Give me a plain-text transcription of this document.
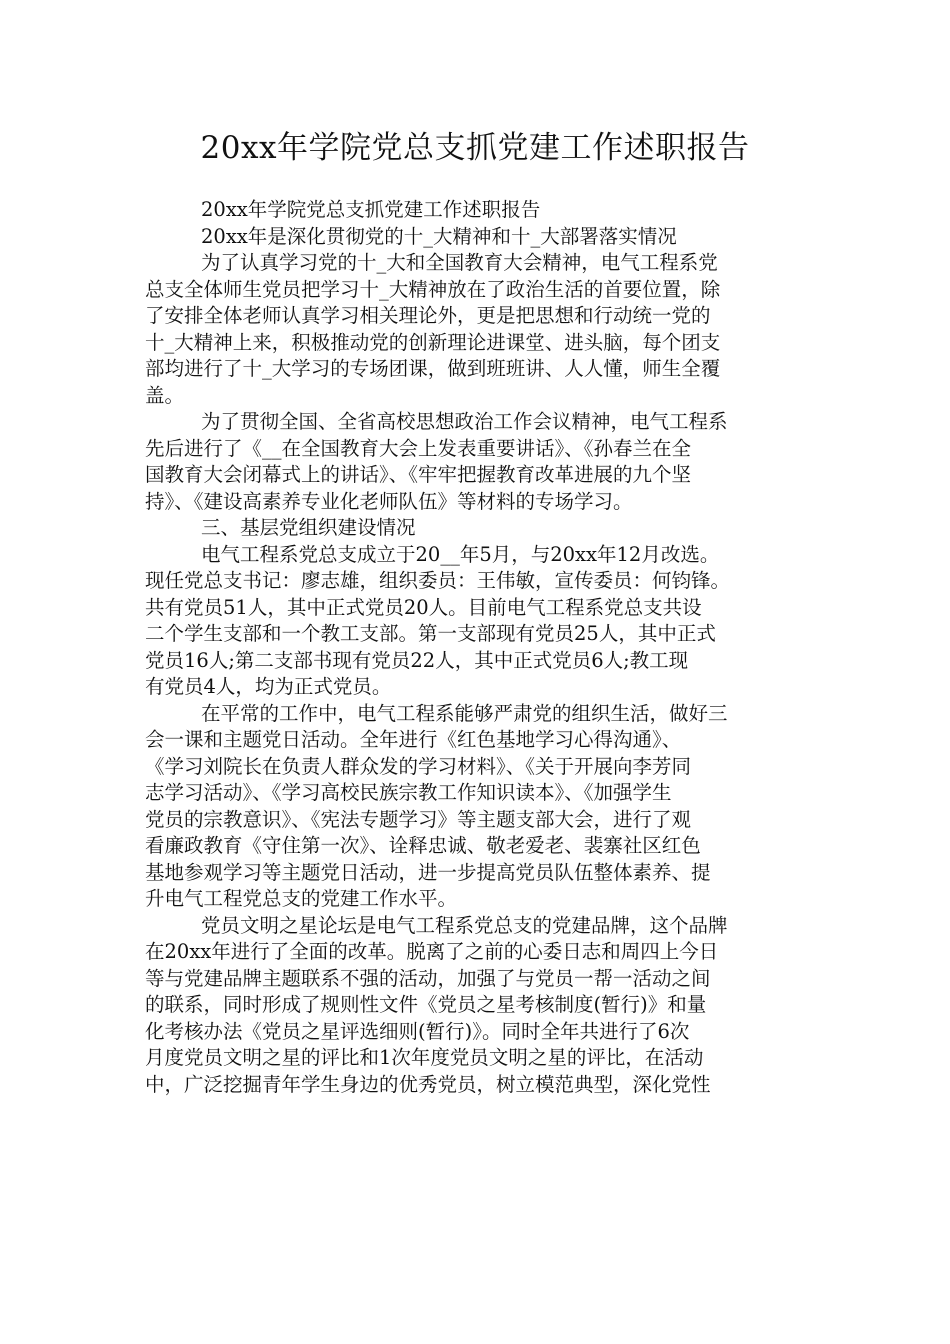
20xx年学院党总支抓党建工作述职报告

20xx年学院党总支抓党建工作述职报告

20xx年是深化贯彻党的十_大精神和十_大部署落实情况

为了认真学习党的十_大和全国教育大会精神，电气工程系党
总支全体师生党员把学习十_大精神放在了政治生活的首要位置，除
了安排全体老师认真学习相关理论外，更是把思想和行动统一党的
十_大精神上来，积极推动党的创新理论进课堂、进头脑，每个团支
部均进行了十_大学习的专场团课，做到班班讲、人人懂，师生全覆
盖。

为了贯彻全国、全省高校思想政治工作会议精神，电气工程系
先后进行了《__在全国教育大会上发表重要讲话》、《孙春兰在全
国教育大会闭幕式上的讲话》、《牢牢把握教育改革进展的九个坚
持》、《建设高素养专业化老师队伍》等材料的专场学习。

三、基层党组织建设情况

电气工程系党总支成立于20__年5月，与20xx年12月改选。
现任党总支书记：廖志雄，组织委员：王伟敏，宣传委员：何钧锋。
共有党员51人，其中正式党员20人。目前电气工程系党总支共设
二个学生支部和一个教工支部。第一支部现有党员25人，其中正式
党员16人;第二支部书现有党员22人，其中正式党员6人;教工现
有党员4人，均为正式党员。

在平常的工作中，电气工程系能够严肃党的组织生活，做好三
会一课和主题党日活动。全年进行《红色基地学习心得沟通》、
《学习刘院长在负责人群众发的学习材料》、《关于开展向李芳同
志学习活动》、《学习高校民族宗教工作知识读本》、《加强学生
党员的宗教意识》、《宪法专题学习》等主题支部大会，进行了观
看廉政教育《守住第一次》、诠释忠诚、敬老爱老、裴寨社区红色
基地参观学习等主题党日活动，进一步提高党员队伍整体素养、提
升电气工程党总支的党建工作水平。

党员文明之星论坛是电气工程系党总支的党建品牌，这个品牌
在20xx年进行了全面的改革。脱离了之前的心委日志和周四上今日
等与党建品牌主题联系不强的活动，加强了与党员一帮一活动之间
的联系，同时形成了规则性文件《党员之星考核制度(暂行)》和量
化考核办法《党员之星评选细则(暂行)》。同时全年共进行了6次
月度党员文明之星的评比和1次年度党员文明之星的评比，在活动
中，广泛挖掘青年学生身边的优秀党员，树立模范典型，深化党性
